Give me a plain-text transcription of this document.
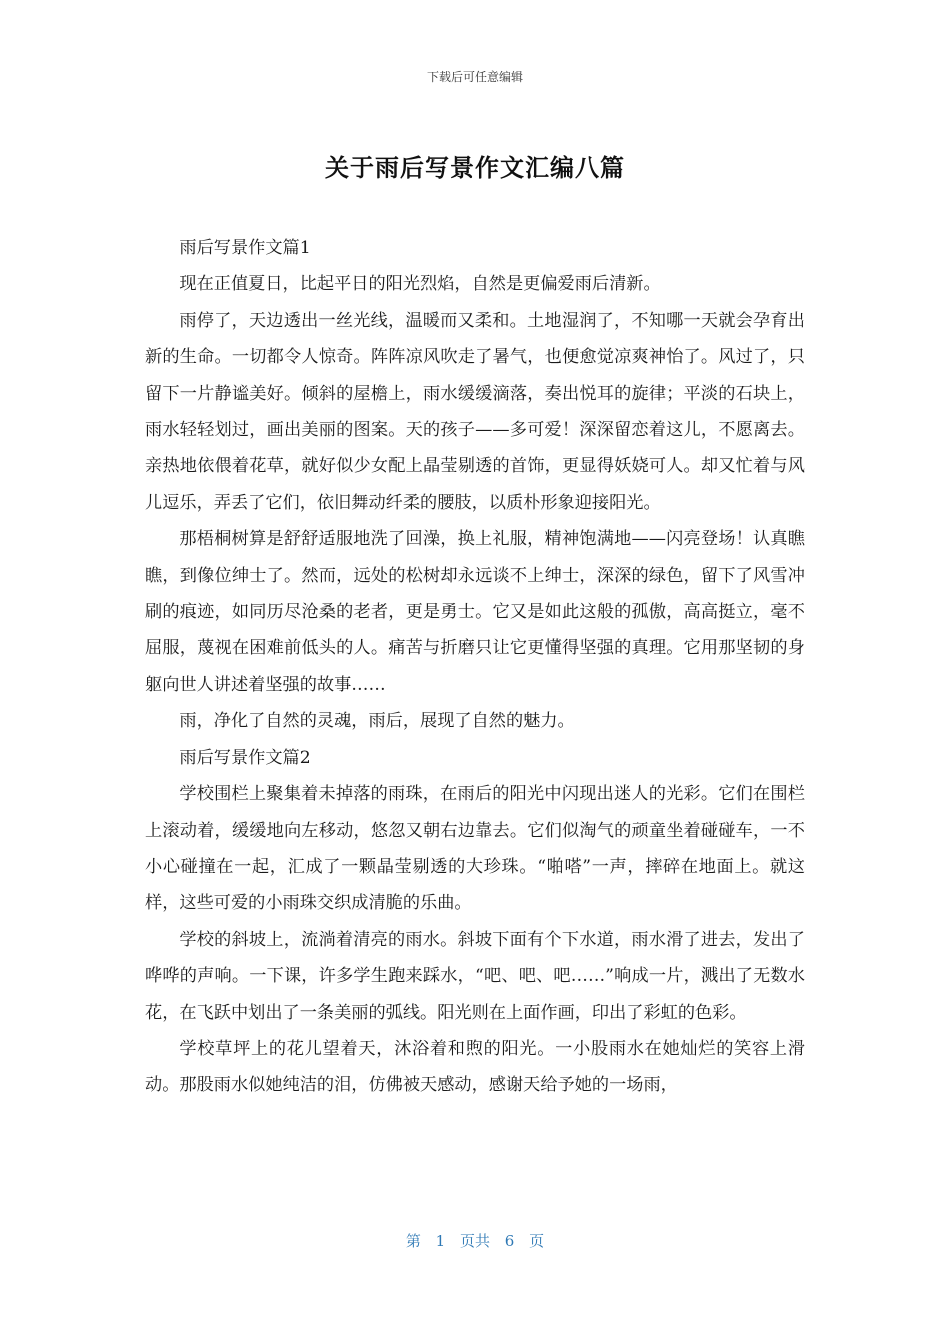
下载后可任意编辑
关于雨后写景作文汇编八篇

雨后写景作文篇1

现在正值夏日，比起平日的阳光烈焰，自然是更偏爱雨后清新。

雨停了，天边透出一丝光线，温暖而又柔和。土地湿润了，不知哪一天就会孕育出新的生命。一切都令人惊奇。阵阵凉风吹走了暑气，也便愈觉凉爽神怡了。风过了，只留下一片静谧美好。倾斜的屋檐上，雨水缓缓滴落，奏出悦耳的旋律；平淡的石块上，雨水轻轻划过，画出美丽的图案。天的孩子——多可爱！深深留恋着这儿，不愿离去。亲热地依偎着花草，就好似少女配上晶莹剔透的首饰，更显得妖娆可人。却又忙着与风儿逗乐，弄丢了它们，依旧舞动纤柔的腰肢，以质朴形象迎接阳光。

那梧桐树算是舒舒适服地洗了回澡，换上礼服，精神饱满地——闪亮登场！认真瞧瞧，到像位绅士了。然而，远处的松树却永远谈不上绅士，深深的绿色，留下了风雪冲刷的痕迹，如同历尽沧桑的老者，更是勇士。它又是如此这般的孤傲，高高挺立，毫不屈服，蔑视在困难前低头的人。痛苦与折磨只让它更懂得坚强的真理。它用那坚韧的身躯向世人讲述着坚强的故事……

雨，净化了自然的灵魂，雨后，展现了自然的魅力。

雨后写景作文篇2

学校围栏上聚集着未掉落的雨珠，在雨后的阳光中闪现出迷人的光彩。它们在围栏上滚动着，缓缓地向左移动，悠忽又朝右边靠去。它们似淘气的顽童坐着碰碰车，一不小心碰撞在一起，汇成了一颗晶莹剔透的大珍珠。“啪嗒”一声，摔碎在地面上。就这样，这些可爱的小雨珠交织成清脆的乐曲。

学校的斜坡上，流淌着清亮的雨水。斜坡下面有个下水道，雨水滑了进去，发出了哗哗的声响。一下课，许多学生跑来踩水，“吧、吧、吧……”响成一片，溅出了无数水花，在飞跃中划出了一条美丽的弧线。阳光则在上面作画，印出了彩虹的色彩。

学校草坪上的花儿望着天，沐浴着和煦的阳光。一小股雨水在她灿烂的笑容上滑动。那股雨水似她纯洁的泪，仿佛被天感动，感谢天给予她的一场雨，

第 1 页共 6 页
